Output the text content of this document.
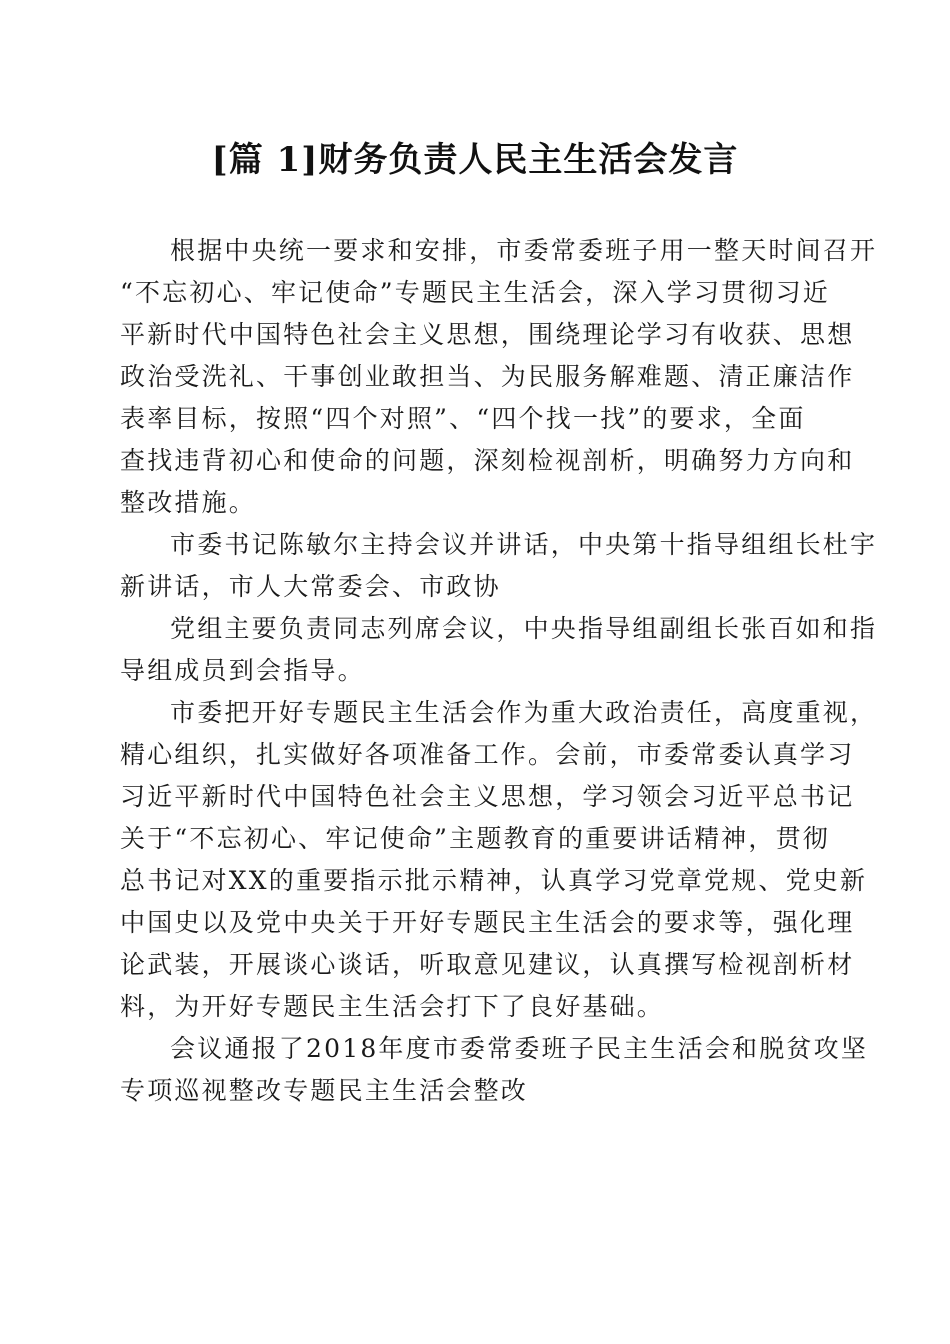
[篇 1]财务负责人民主生活会发言

根据中央统一要求和安排，市委常委班子用一整天时间召开
“不忘初心、牢记使命”专题民主生活会，深入学习贯彻习近
平新时代中国特色社会主义思想，围绕理论学习有收获、思想
政治受洗礼、干事创业敢担当、为民服务解难题、清正廉洁作
表率目标，按照“四个对照”、“四个找一找”的要求，全面
查找违背初心和使命的问题，深刻检视剖析，明确努力方向和
整改措施。

市委书记陈敏尔主持会议并讲话，中央第十指导组组长杜宇
新讲话，市人大常委会、市政协

党组主要负责同志列席会议，中央指导组副组长张百如和指
导组成员到会指导。

市委把开好专题民主生活会作为重大政治责任，高度重视，
精心组织，扎实做好各项准备工作。会前，市委常委认真学习
习近平新时代中国特色社会主义思想，学习领会习近平总书记
关于“不忘初心、牢记使命”主题教育的重要讲话精神，贯彻
总书记对XX的重要指示批示精神，认真学习党章党规、党史新
中国史以及党中央关于开好专题民主生活会的要求等，强化理
论武装，开展谈心谈话，听取意见建议，认真撰写检视剖析材
料，为开好专题民主生活会打下了良好基础。

会议通报了2018年度市委常委班子民主生活会和脱贫攻坚
专项巡视整改专题民主生活会整改
